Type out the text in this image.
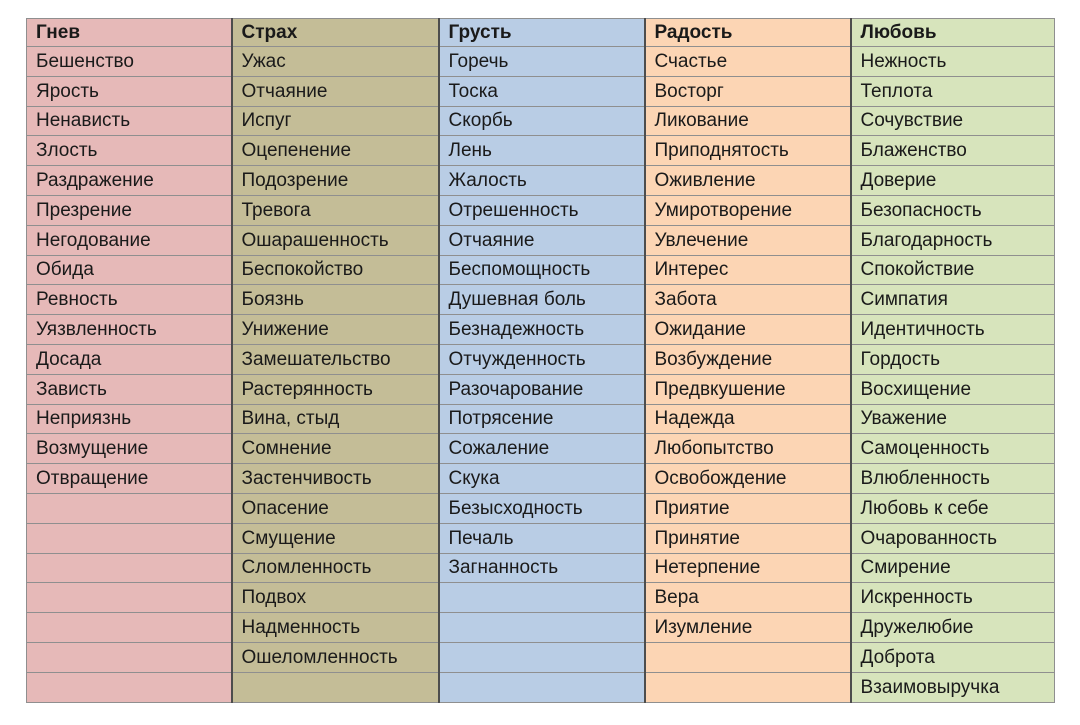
Гнев	Страх	Грусть	Радость	Любовь
Бешенство	Ужас	Горечь	Счастье	Нежность
Ярость	Отчаяние	Тоска	Восторг	Теплота
Ненависть	Испуг	Скорбь	Ликование	Сочувствие
Злость	Оцепенение	Лень	Приподнятость	Блаженство
Раздражение	Подозрение	Жалость	Оживление	Доверие
Презрение	Тревога	Отрешенность	Умиротворение	Безопасность
Негодование	Ошарашенность	Отчаяние	Увлечение	Благодарность
Обида	Беспокойство	Беспомощность	Интерес	Спокойствие
Ревность	Боязнь	Душевная боль	Забота	Симпатия
Уязвленность	Унижение	Безнадежность	Ожидание	Идентичность
Досада	Замешательство	Отчужденность	Возбуждение	Гордость
Зависть	Растерянность	Разочарование	Предвкушение	Восхищение
Неприязнь	Вина, стыд	Потрясение	Надежда	Уважение
Возмущение	Сомнение	Сожаление	Любопытство	Самоценность
Отвращение	Застенчивость	Скука	Освобождение	Влюбленность
	Опасение	Безысходность	Приятие	Любовь к себе
	Смущение	Печаль	Принятие	Очарованность
	Сломленность	Загнанность	Нетерпение	Смирение
	Подвох		Вера	Искренность
	Надменность		Изумление	Дружелюбие
	Ошеломленность			Доброта
				Взаимовыручка
